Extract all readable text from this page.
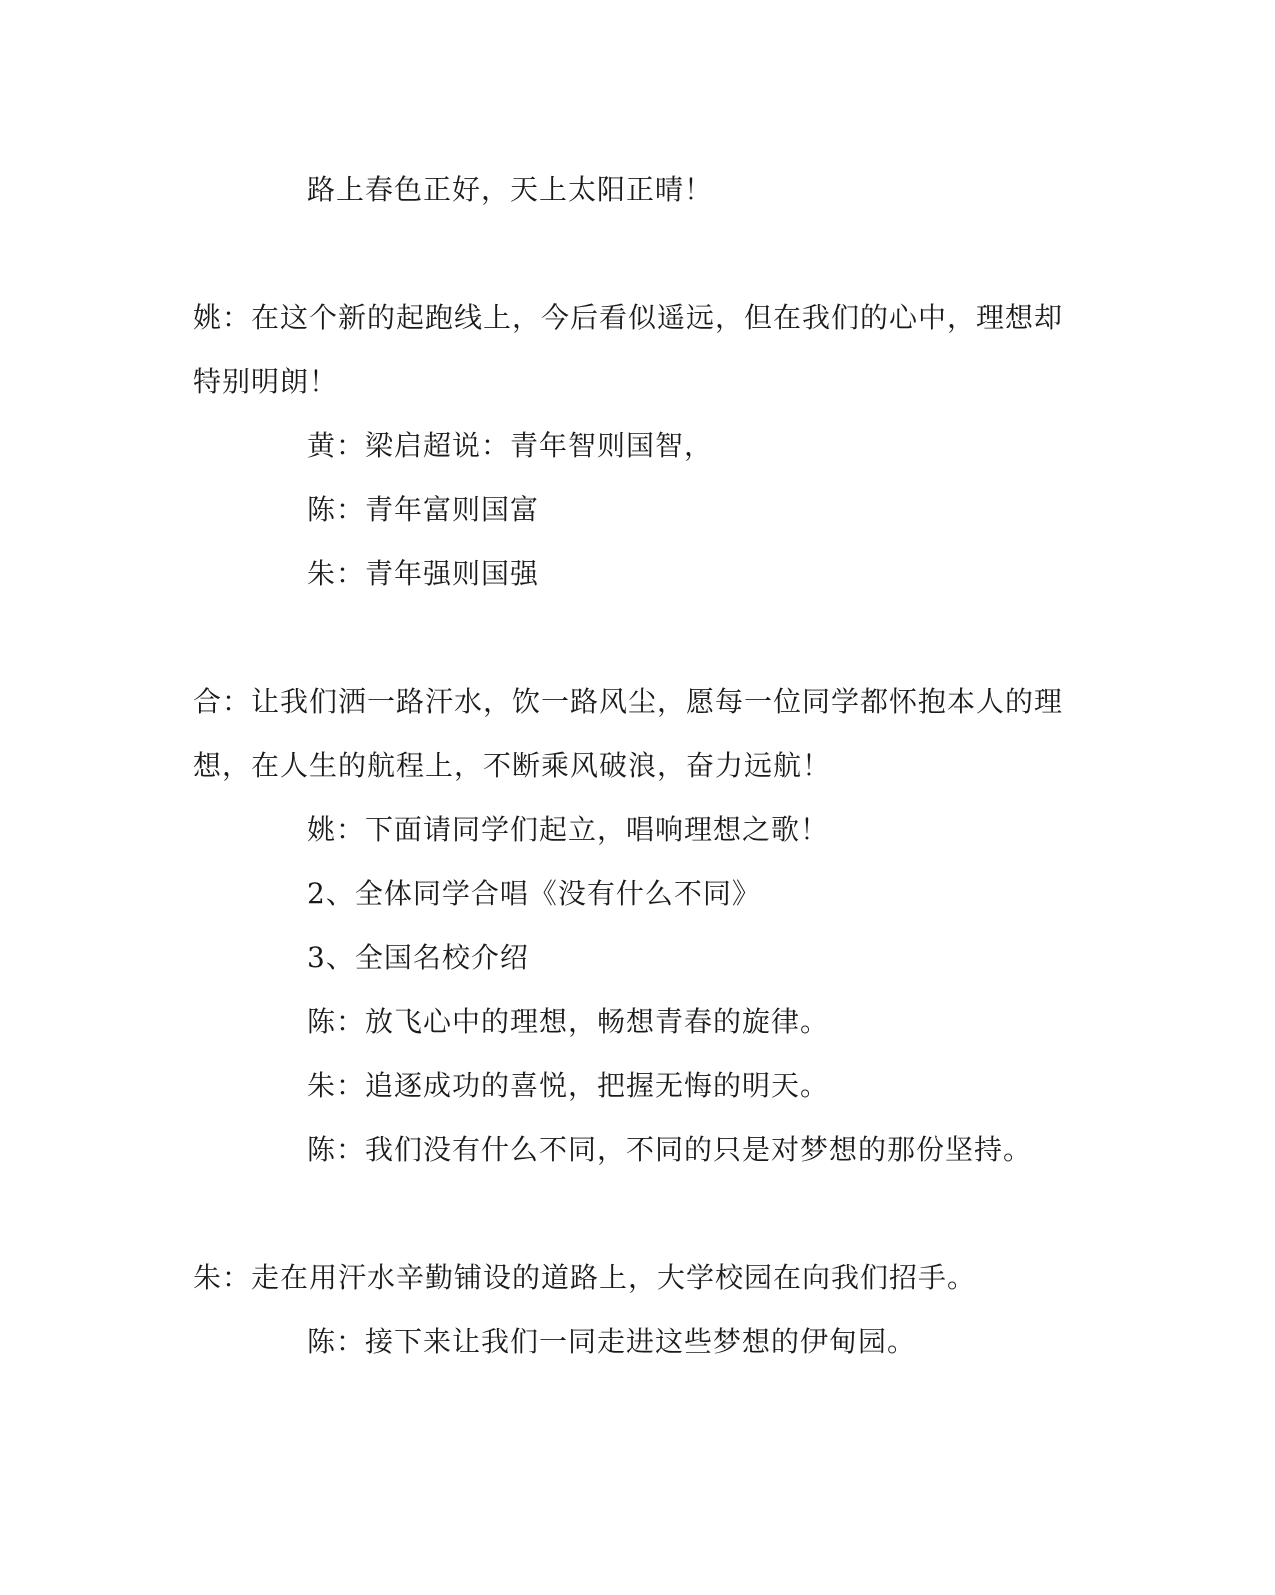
路上春色正好，天上太阳正晴！
姚：在这个新的起跑线上，今后看似遥远，但在我们的心中，理想却
特别明朗！
黄：梁启超说：青年智则国智，
陈：青年富则国富
朱：青年强则国强
合：让我们洒一路汗水，饮一路风尘，愿每一位同学都怀抱本人的理
想，在人生的航程上，不断乘风破浪，奋力远航！
姚：下面请同学们起立，唱响理想之歌！
2、全体同学合唱《没有什么不同》
3、全国名校介绍
陈：放飞心中的理想，畅想青春的旋律。
朱：追逐成功的喜悦，把握无悔的明天。
陈：我们没有什么不同，不同的只是对梦想的那份坚持。
朱：走在用汗水辛勤铺设的道路上，大学校园在向我们招手。
陈：接下来让我们一同走进这些梦想的伊甸园。
